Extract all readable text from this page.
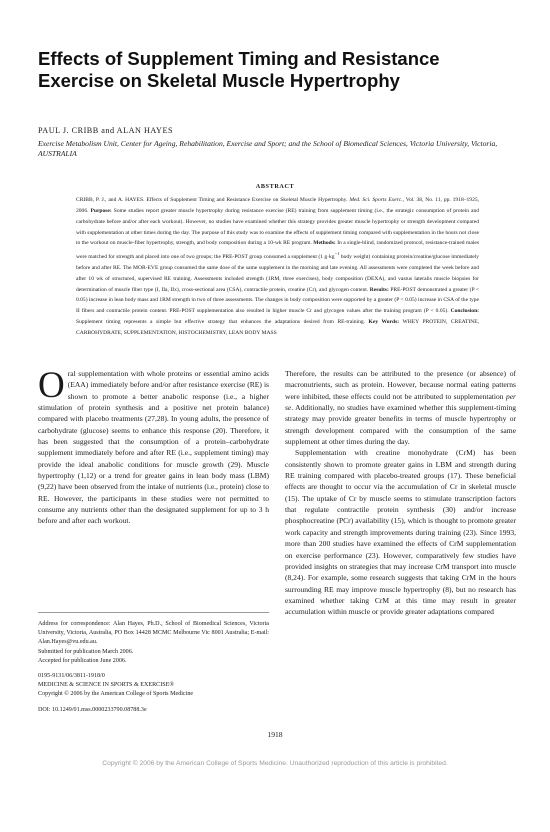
Effects of Supplement Timing and Resistance Exercise on Skeletal Muscle Hypertrophy
PAUL J. CRIBB and ALAN HAYES
Exercise Metabolism Unit, Center for Ageing, Rehabilitation, Exercise and Sport; and the School of Biomedical Sciences, Victoria University, Victoria, AUSTRALIA
ABSTRACT
CRIBB, P. J., and A. HAYES. Effects of Supplement Timing and Resistance Exercise on Skeletal Muscle Hypertrophy. Med. Sci. Sports Exerc., Vol. 38, No. 11, pp. 1918–1925, 2006. Purpose: Some studies report greater muscle hypertrophy during resistance exercise (RE) training from supplement timing (i.e., the strategic consumption of protein and carbohydrate before and/or after each workout). However, no studies have examined whether this strategy provides greater muscle hypertrophy or strength development compared with supplementation at other times during the day. The purpose of this study was to examine the effects of supplement timing compared with supplementation in the hours not close to the workout on muscle-fiber hypertrophy, strength, and body composition during a 10-wk RE program. Methods: In a single-blind, randomized protocol, resistance-trained males were matched for strength and placed into one of two groups; the PRE-POST group consumed a supplement (1 $g\cdot kg^{-1}$ body weight) containing protein/creatine/glucose immediately before and after RE. The MOR-EVE group consumed the same dose of the same supplement in the morning and late evening. All assessments were completed the week before and after 10 wk of structured, supervised RE training. Assessments included strength (1RM, three exercises), body composition (DEXA), and vastus lateralis muscle biopsies for determination of muscle fiber type (I, IIa, IIx), cross-sectional area (CSA), contractile protein, creatine (Cr), and glycogen content. Results: PRE-POST demonstrated a greater (P < 0.05) increase in lean body mass and 1RM strength in two of three assessments. The changes in body composition were supported by a greater (P < 0.05) increase in CSA of the type II fibers and contractile protein content. PRE-POST supplementation also resulted in higher muscle Cr and glycogen values after the training program (P < 0.05). Conclusion: Supplement timing represents a simple but effective strategy that enhances the adaptations desired from RE-training. Key Words: WHEY PROTEIN, CREATINE, CARBOHYDRATE, SUPPLEMENTATION, HISTOCHEMISTRY, LEAN BODY MASS

Oral supplementation with whole proteins or essential amino acids (EAA) immediately before and/or after resistance exercise (RE) is shown to promote a better anabolic response (i.e., a higher stimulation of protein synthesis and a positive net protein balance) compared with placebo treatments (27,28). In young adults, the presence of carbohydrate (glucose) seems to enhance this response (20). Therefore, it has been suggested that the consumption of a protein–carbohydrate supplement immediately before and after RE (i.e., supplement timing) may provide the ideal anabolic conditions for muscle growth (29). Muscle hypertrophy (1,12) or a trend for greater gains in lean body mass (LBM) (9,22) have been observed from the intake of nutrients (i.e., protein) close to RE. However, the participants in these studies were not permitted to consume any nutrients other than the designated supplement for up to 3 h before and after each workout.

Address for correspondence: Alan Hayes, Ph.D., School of Biomedical Sciences, Victoria University, Victoria, Australia, PO Box 14428 MCMC Melbourne Vic 8001 Australia; E-mail: Alan.Hayes@vu.edu.au.

Submitted for publication March 2006.

Accepted for publication June 2006.

0195-9131/06/3811-1918/0

MEDICINE & SCIENCE IN SPORTS & EXERCISE®

Copyright © 2006 by the American College of Sports Medicine

DOI: 10.1249/01.mss.0000233790.08788.3e

Therefore, the results can be attributed to the presence (or absence) of macronutrients, such as protein. However, because normal eating patterns were inhibited, these effects could not be attributed to supplementation per se. Additionally, no studies have examined whether this supplement-timing strategy may provide greater benefits in terms of muscle hypertrophy or strength development compared with the consumption of the same supplement at other times during the day.

Supplementation with creatine monohydrate (CrM) has been consistently shown to promote greater gains in LBM and strength during RE training compared with placebo-treated groups (17). These beneficial effects are thought to occur via the accumulation of Cr in skeletal muscle (15). The uptake of Cr by muscle seems to stimulate transcription factors that regulate contractile protein synthesis (30) and/or increase phosphocreatine (PCr) availability (15), which is thought to promote greater work capacity and strength improvements during training (23). Since 1993, more than 200 studies have examined the effects of CrM supplementation on exercise performance (23). However, comparatively few studies have provided insights on strategies that may increase CrM transport into muscle (8,24). For example, some research suggests that taking CrM in the hours surrounding RE may improve muscle hypertrophy (8), but no research has examined whether taking CrM at this time may result in greater accumulation within muscle or provide greater adaptations compared

1918
Copyright © 2006 by the American College of Sports Medicine. Unauthorized reproduction of this article is prohibited.
